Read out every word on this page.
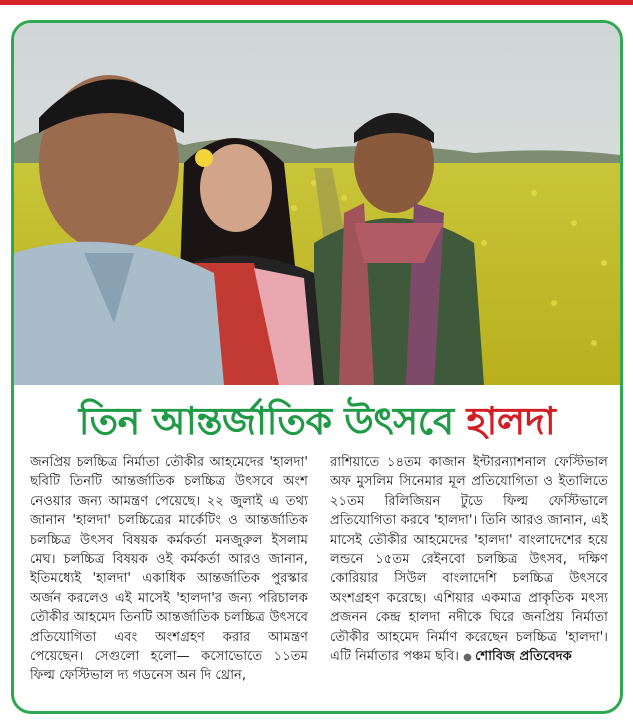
তিন আন্তর্জাতিক উৎসবে হালদা
জনপ্রিয় চলচ্চিত্র নির্মাতা তৌকীর আহমেদের 'হালদা' ছবিটি তিনটি আন্তর্জাতিক চলচ্চিত্র উৎসবে অংশ নেওয়ার জন্য আমন্ত্রণ পেয়েছে। ২২ জুলাই এ তথ্য জানান 'হালদা' চলচ্চিত্রের মার্কেটিং ও আন্তর্জাতিক চলচ্চিত্র উৎসব বিষয়ক কর্মকর্তা মনজুরুল ইসলাম মেঘ। চলচ্চিত্র বিষয়ক ওই কর্মকর্তা আরও জানান, ইতিমধ্যেই 'হালদা' একাধিক আন্তর্জাতিক পুরস্কার অর্জন করলেও এই মাসেই 'হালদা'র জন্য পরিচালক তৌকীর আহমেদ তিনটি আন্তর্জাতিক চলচ্চিত্র উৎসবে প্রতিযোগিতা এবং অংশগ্রহণ করার আমন্ত্রণ পেয়েছেন। সেগুলো হলো— কসোভোতে ১১তম ফিল্ম ফেস্টিভাল দ্য গডনেস অন দি থ্রোন,
রাশিয়াতে ১৪তম কাজান ইন্টারন্যাশনাল ফেস্টিভাল অফ মুসলিম সিনেমার মূল প্রতিযোগিতা ও ইতালিতে ২১তম রিলিজিয়ন টুডে ফিল্ম ফেস্টিভালে প্রতিযোগিতা করবে 'হালদা'। তিনি আরও জানান, এই মাসেই তৌকীর আহমেদের 'হালদা' বাংলাদেশের হয়ে লন্ডনে ১৫তম রেইনবো চলচ্চিত্র উৎসব, দক্ষিণ কোরিয়ার সিউল বাংলাদেশি চলচ্চিত্র উৎসবে অংশগ্রহণ করেছে। এশিয়ার একমাত্র প্রাকৃতিক মৎস্য প্রজনন কেন্দ্র হালদা নদীকে ঘিরে জনপ্রিয় নির্মাতা তৌকীর আহমেদ নির্মাণ করেছেন চলচ্চিত্র 'হালদা'। এটি নির্মাতার পঞ্চম ছবি। ● শোবিজ প্রতিবেদক
